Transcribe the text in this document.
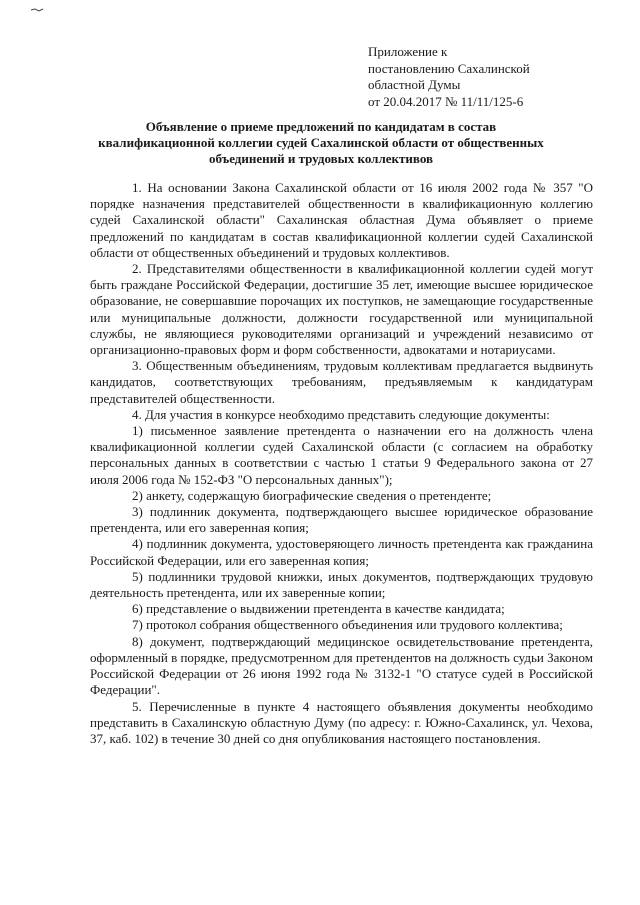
Приложение к
постановлению Сахалинской
областной Думы
от 20.04.2017 № 11/11/125-6
Объявление о приеме предложений по кандидатам в состав квалификационной коллегии судей Сахалинской области от общественных объединений и трудовых коллективов

1. На основании Закона Сахалинской области от 16 июля 2002 года № 357 "О порядке назначения представителей общественности в квалификационную коллегию судей Сахалинской области" Сахалинская областная Дума объявляет о приеме предложений по кандидатам в состав квалификационной коллегии судей Сахалинской области от общественных объединений и трудовых коллективов.

2. Представителями общественности в квалификационной коллегии судей могут быть граждане Российской Федерации, достигшие 35 лет, имеющие высшее юридическое образование, не совершавшие порочащих их поступков, не замещающие государственные или муниципальные должности, должности государственной или муниципальной службы, не являющиеся руководителями организаций и учреждений независимо от организационно-правовых форм и форм собственности, адвокатами и нотариусами.

3. Общественным объединениям, трудовым коллективам предлагается выдвинуть кандидатов, соответствующих требованиям, предъявляемым к кандидатурам представителей общественности.

4. Для участия в конкурсе необходимо представить следующие документы:

1) письменное заявление претендента о назначении его на должность члена квалификационной коллегии судей Сахалинской области (с согласием на обработку персональных данных в соответствии с частью 1 статьи 9 Федерального закона от 27 июля 2006 года № 152-ФЗ "О персональных данных");

2) анкету, содержащую биографические сведения о претенденте;

3) подлинник документа, подтверждающего высшее юридическое образование претендента, или его заверенная копия;

4) подлинник документа, удостоверяющего личность претендента как гражданина Российской Федерации, или его заверенная копия;

5) подлинники трудовой книжки, иных документов, подтверждающих трудовую деятельность претендента, или их заверенные копии;

6) представление о выдвижении претендента в качестве кандидата;

7) протокол собрания общественного объединения или трудового коллектива;

8) документ, подтверждающий медицинское освидетельствование претендента, оформленный в порядке, предусмотренном для претендентов на должность судьи Законом Российской Федерации от 26 июня 1992 года № 3132-1 "О статусе судей в Российской Федерации".

5. Перечисленные в пункте 4 настоящего объявления документы необходимо представить в Сахалинскую областную Думу (по адресу: г. Южно-Сахалинск, ул. Чехова, 37, каб. 102) в течение 30 дней со дня опубликования настоящего постановления.
